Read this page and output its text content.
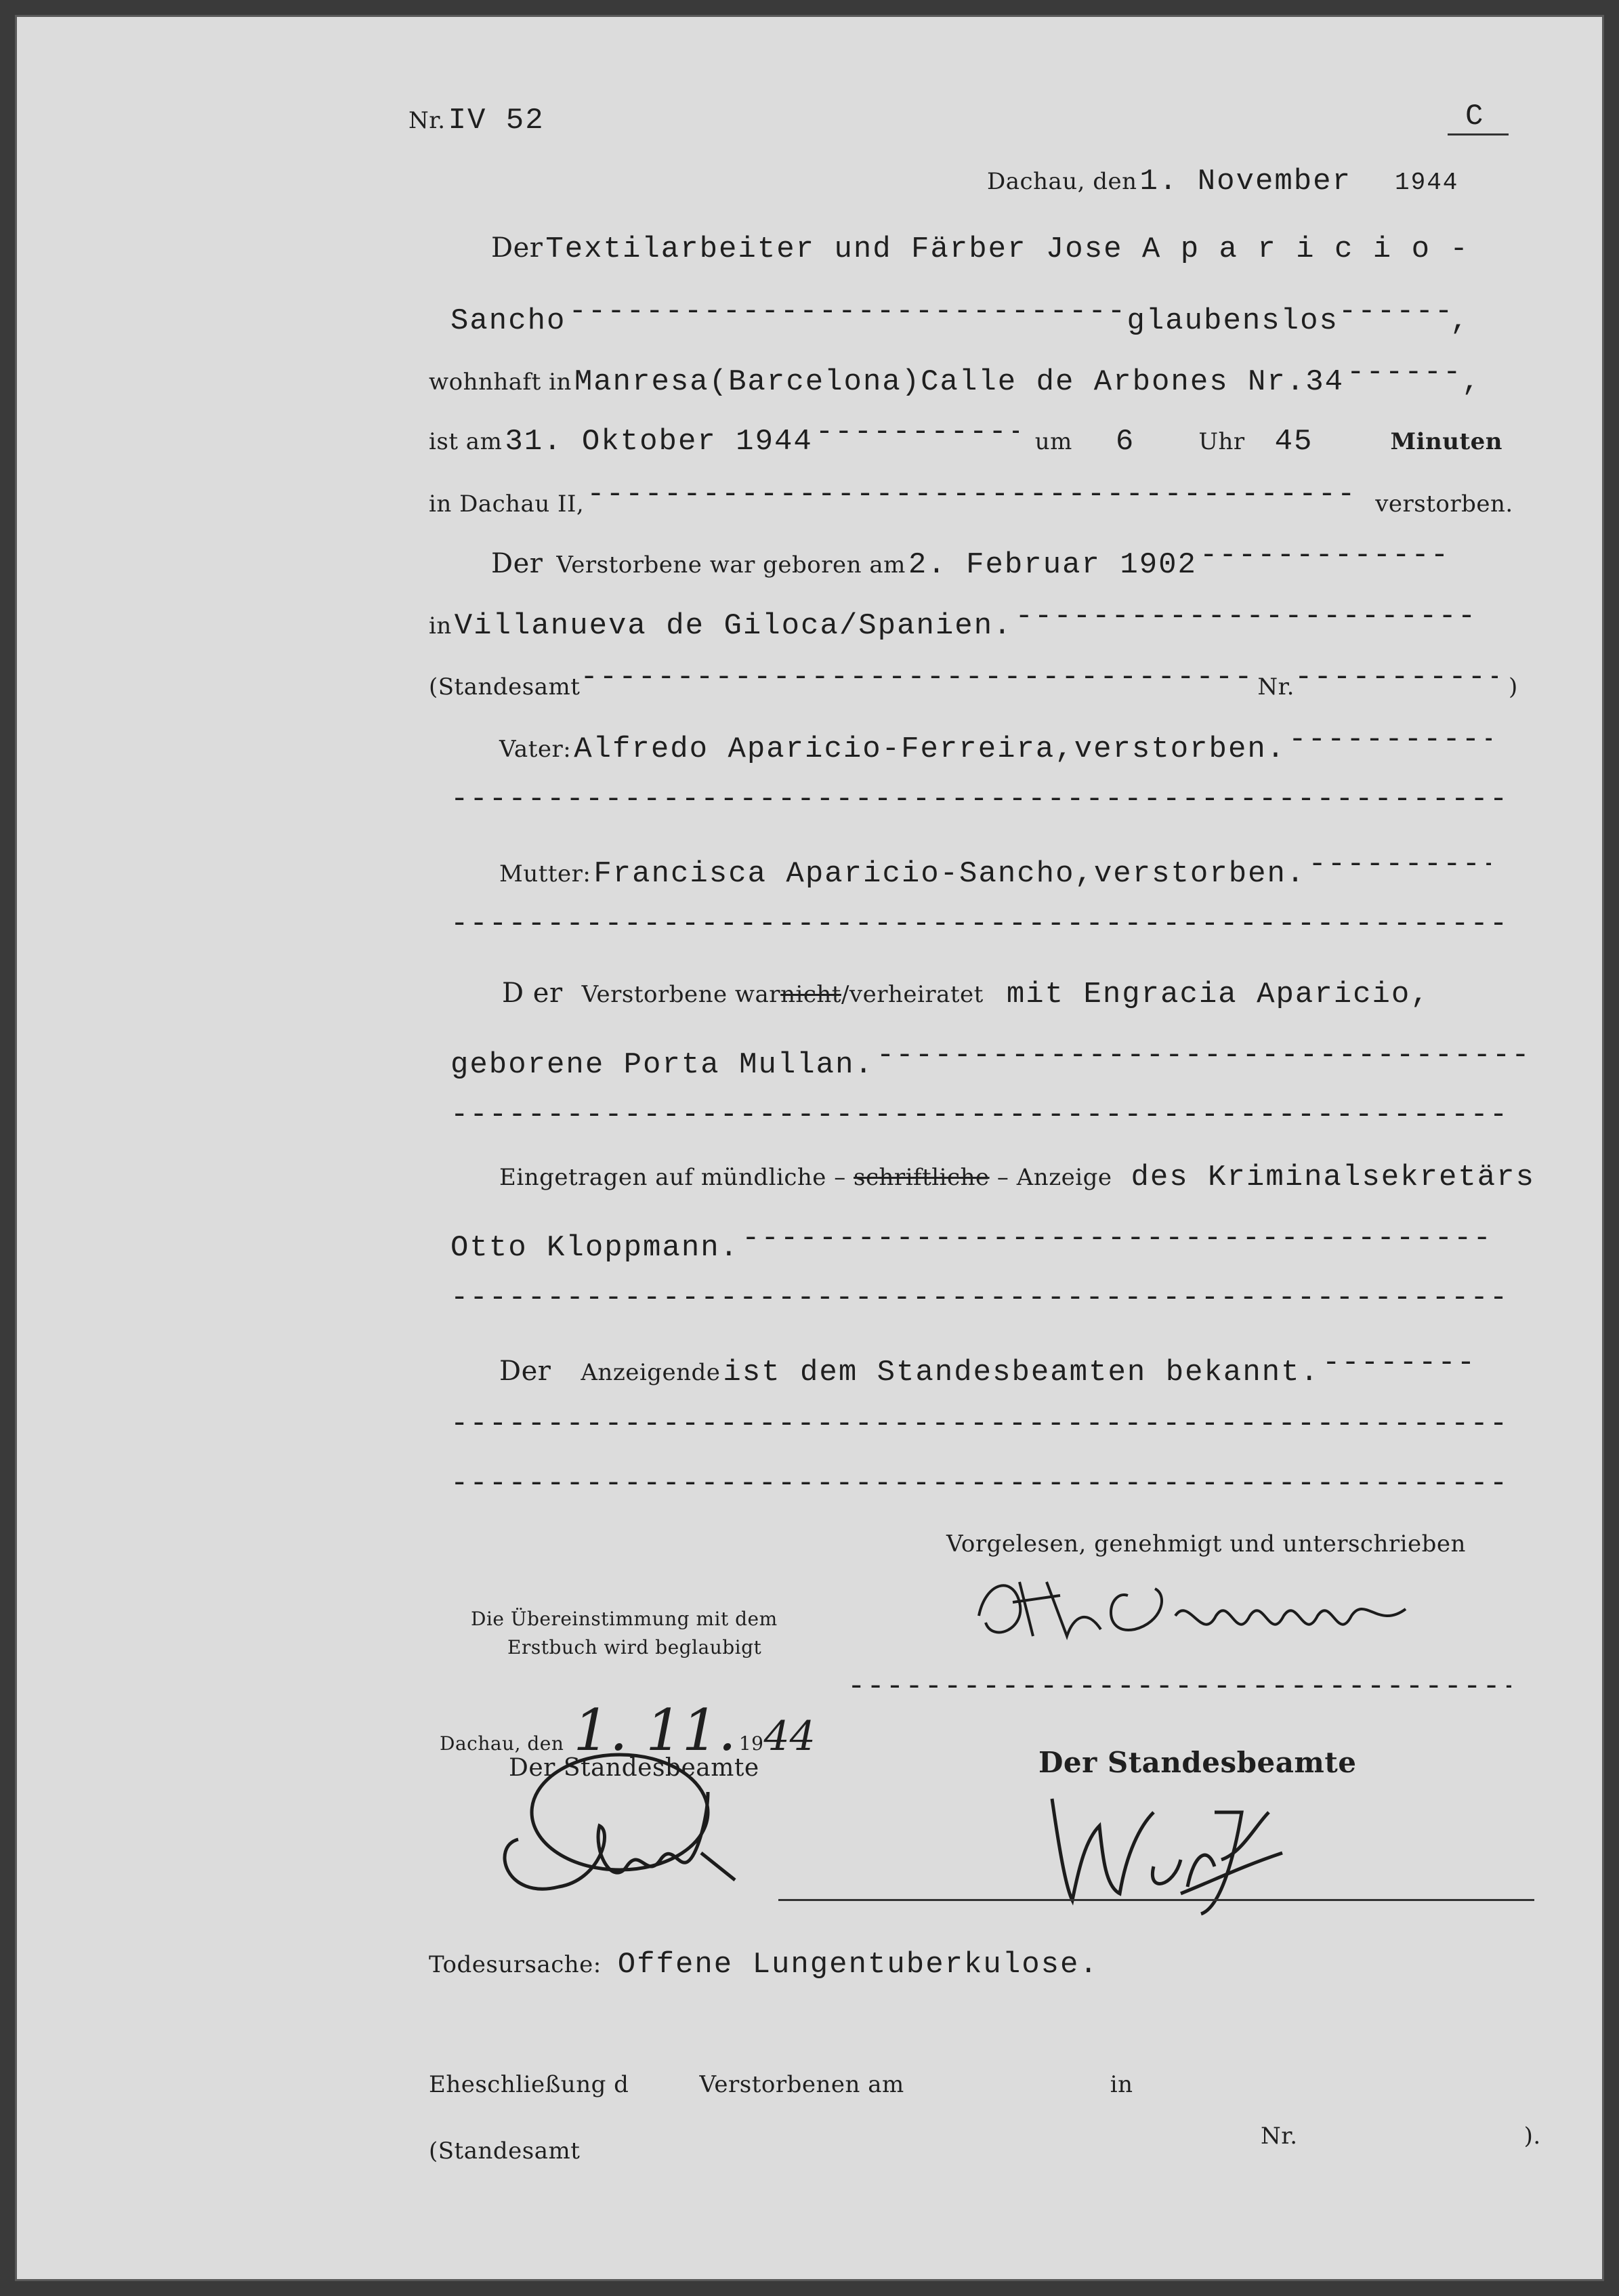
Nr. IV 52	C
Dachau, den 1. November 1944
Der Textilarbeiter und Färber Jose A p a r i c i o -
Sancho -----	glaubenslos -----	,
wohnhaft in Manresa(Barcelona)Calle de Arbones Nr.34 -----	,
ist am 31. Oktober 1944 -----	um 6	Uhr 45	Minuten
in Dachau II, -----	verstorben.
Der Verstorbene war geboren am 2. Februar 1902 -----
in Villanueva de Giloca/Spanien. -----
(Standesamt -----	Nr. -----	)
Vater: Alfredo Aparicio-Ferreira,verstorben. -----
-----
Mutter: Francisca Aparicio-Sancho,verstorben. -----
-----
D er Verstorbene warnicht/verheiratet mit Engracia Aparicio,
geborene Porta Mullan. -----
-----
Eingetragen auf mündliche – schriftliche – Anzeige des Kriminalsekretärs
Otto Kloppmann. -----
-----
Der Anzeigende ist dem Standesbeamten bekannt. -----
-----
-----
Vorgelesen, genehmigt und unterschrieben
-----
Die Übereinstimmung mit dem
Erstbuch wird beglaubigt
Dachau, den 1. 11. 1944
Der Standesbeamte	Der Standesbeamte
Todesursache: Offene Lungentuberkulose.
Eheschließung d	Verstorbenen am	in
(Standesamt
Nr.	).
